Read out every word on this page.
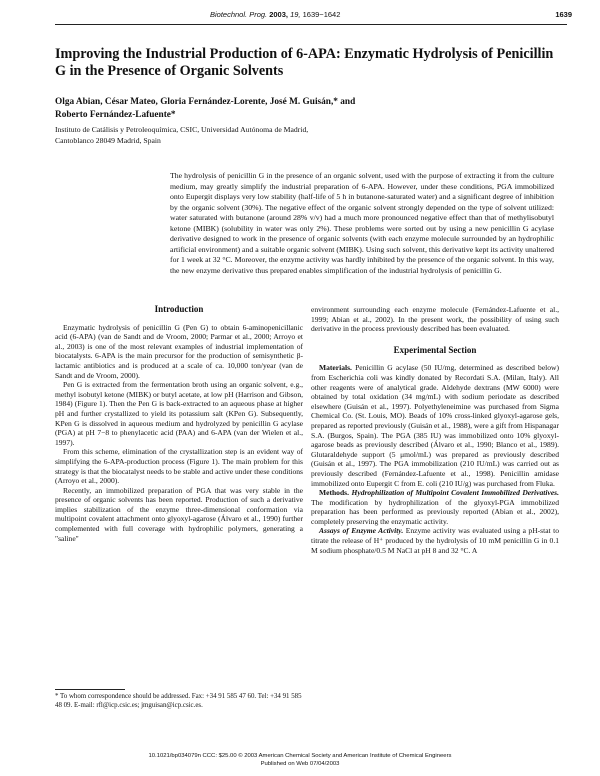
Biotechnol. Prog. 2003, 19, 1639−1642	1639
Improving the Industrial Production of 6-APA: Enzymatic Hydrolysis of Penicillin G in the Presence of Organic Solvents
Olga Abian, César Mateo, Gloria Fernández-Lorente, José M. Guisán,* and
Roberto Fernández-Lafuente*
Instituto de Catálisis y Petroleoquímica, CSIC, Universidad Autónoma de Madrid,
Cantoblanco 28049 Madrid, Spain

The hydrolysis of penicillin G in the presence of an organic solvent, used with the purpose of extracting it from the culture medium, may greatly simplify the industrial preparation of 6-APA. However, under these conditions, PGA immobilized onto Eupergit displays very low stability (half-life of 5 h in butanone-saturated water) and a significant degree of inhibition by the organic solvent (30%). The negative effect of the organic solvent strongly depended on the type of solvent utilized: water saturated with butanone (around 28% v/v) had a much more pronounced negative effect than that of methylisobutyl ketone (MIBK) (solubility in water was only 2%). These problems were sorted out by using a new penicillin G acylase derivative designed to work in the presence of organic solvents (with each enzyme molecule surrounded by an hydrophilic artificial environment) and a suitable organic solvent (MIBK). Using such solvent, this derivative kept its activity unaltered for 1 week at 32 °C. Moreover, the enzyme activity was hardly inhibited by the presence of the organic solvent. In this way, the new enzyme derivative thus prepared enables simplification of the industrial hydrolysis of penicillin G.

Introduction

Enzymatic hydrolysis of penicillin G (Pen G) to obtain 6-aminopenicillanic acid (6-APA) (van de Sandt and de Vroom, 2000; Parmar et al., 2000; Arroyo et al., 2003) is one of the most relevant examples of industrial implementation of biocatalysts. 6-APA is the main precursor for the production of semisynthetic β-lactamic antibiotics and is produced at a scale of ca. 10,000 ton/year (van de Sandt and de Vroom, 2000).

Pen G is extracted from the fermentation broth using an organic solvent, e.g., methyl isobutyl ketone (MIBK) or butyl acetate, at low pH (Harrison and Gibson, 1984) (Figure 1). Then the Pen G is back-extracted to an aqueous phase at higher pH and further crystallized to yield its potassium salt (KPen G). Subsequently, KPen G is dissolved in aqueous medium and hydrolyzed by penicillin G acylase (PGA) at pH 7−8 to phenylacetic acid (PAA) and 6-APA (van der Wielen et al., 1997).

From this scheme, elimination of the crystallization step is an evident way of simplifying the 6-APA-production process (Figure 1). The main problem for this strategy is that the biocatalyst needs to be stable and active under these conditions (Arroyo et al., 2000).

Recently, an immobilized preparation of PGA that was very stable in the presence of organic solvents has been reported. Production of such a derivative implies stabilization of the enzyme three-dimensional conformation via multipoint covalent attachment onto glyoxyl-agarose (Álvaro et al., 1990) further complemented with full coverage with hydrophilic polymers, generating a "saline"

environment surrounding each enzyme molecule (Fernández-Lafuente et al., 1999; Abian et al., 2002). In the present work, the possibility of using such derivative in the process previously described has been evaluated.

Experimental Section

Materials. Penicillin G acylase (50 IU/mg, determined as described below) from Escherichia coli was kindly donated by Recordati S.A. (Milan, Italy). All other reagents were of analytical grade. Aldehyde dextrans (MW 6000) were obtained by total oxidation (34 mg/mL) with sodium periodate as described elsewhere (Guisán et al., 1997). Polyethyleneimine was purchased from Sigma Chemical Co. (St. Louis, MO). Beads of 10% cross-linked glyoxyl-agarose gels, prepared as reported previously (Guisán et al., 1988), were a gift from Hispanagar S.A. (Burgos, Spain). The PGA (385 IU) was immobilized onto 10% glyoxyl-agarose beads as previously described (Álvaro et al., 1990; Blanco et al., 1989). Glutaraldehyde support (5 μmol/mL) was prepared as previously described (Guisán et al., 1997). The PGA immobilization (210 IU/mL) was carried out as previously described (Fernández-Lafuente et al., 1998). Penicillin amidase immobilized onto Eupergit C from E. coli (210 IU/g) was purchased from Fluka.

Methods. Hydrophilization of Multipoint Covalent Immobilized Derivatives. The modification by hydrophilization of the glyoxyl-PGA immobilized preparation has been performed as previously reported (Abian et al., 2002), completely preserving the enzymatic activity.

Assays of Enzyme Activity. Enzyme activity was evaluated using a pH-stat to titrate the release of H⁺ produced by the hydrolysis of 10 mM penicillin G in 0.1 M sodium phosphate/0.5 M NaCl at pH 8 and 32 °C. A

* To whom correspondence should be addressed. Fax: +34 91 585 47 60. Tel: +34 91 585 48 09. E-mail: rfl@icp.csic.es; jmguisan@icp.csic.es.
10.1021/bp034079n CCC: $25.00 © 2003 American Chemical Society and American Institute of Chemical Engineers
Published on Web 07/04/2003
